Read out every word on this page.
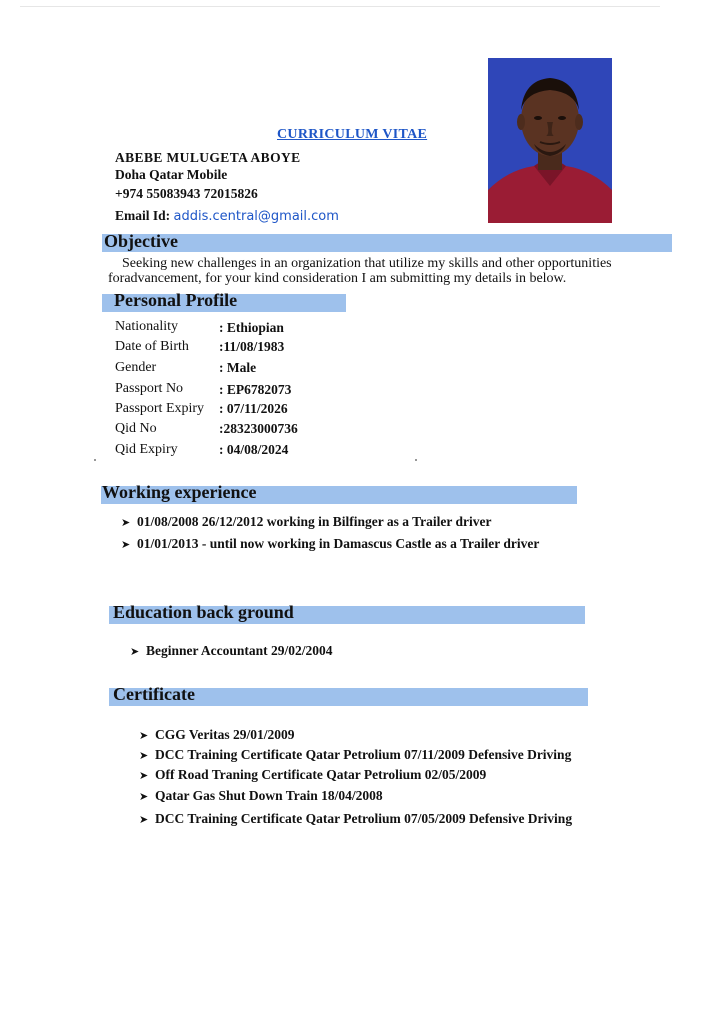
CURRICULUM VITAE
ABEBE MULUGETA ABOYE
Doha Qatar Mobile
+974 55083943 72015826
Email Id: addis.central@gmail.com
Objective
Seeking new challenges in an organization that utilize my skills and other opportunities
foradvancement, for your kind consideration I am submitting my details in below.
Personal Profile
Nationality	: Ethiopian
Date of Birth :11/08/1983
Gender	: Male
Passport No	: EP6782073
Passport Expiry : 07/11/2026
Qid No	:28323000736
Qid Expiry	: 04/08/2024
Working experience
➤ 01/08/2008 26/12/2012 working in Bilfinger as a Trailer driver
➤ 01/01/2013 - until now working in Damascus Castle as a Trailer driver
Education back ground
➤ Beginner Accountant 29/02/2004
Certificate
➤ CGG Veritas 29/01/2009
➤ DCC Training Certificate Qatar Petrolium 07/11/2009 Defensive Driving
➤ Off Road Traning Certificate Qatar Petrolium 02/05/2009
➤ Qatar Gas Shut Down Train 18/04/2008
➤ DCC Training Certificate Qatar Petrolium 07/05/2009 Defensive Driving
